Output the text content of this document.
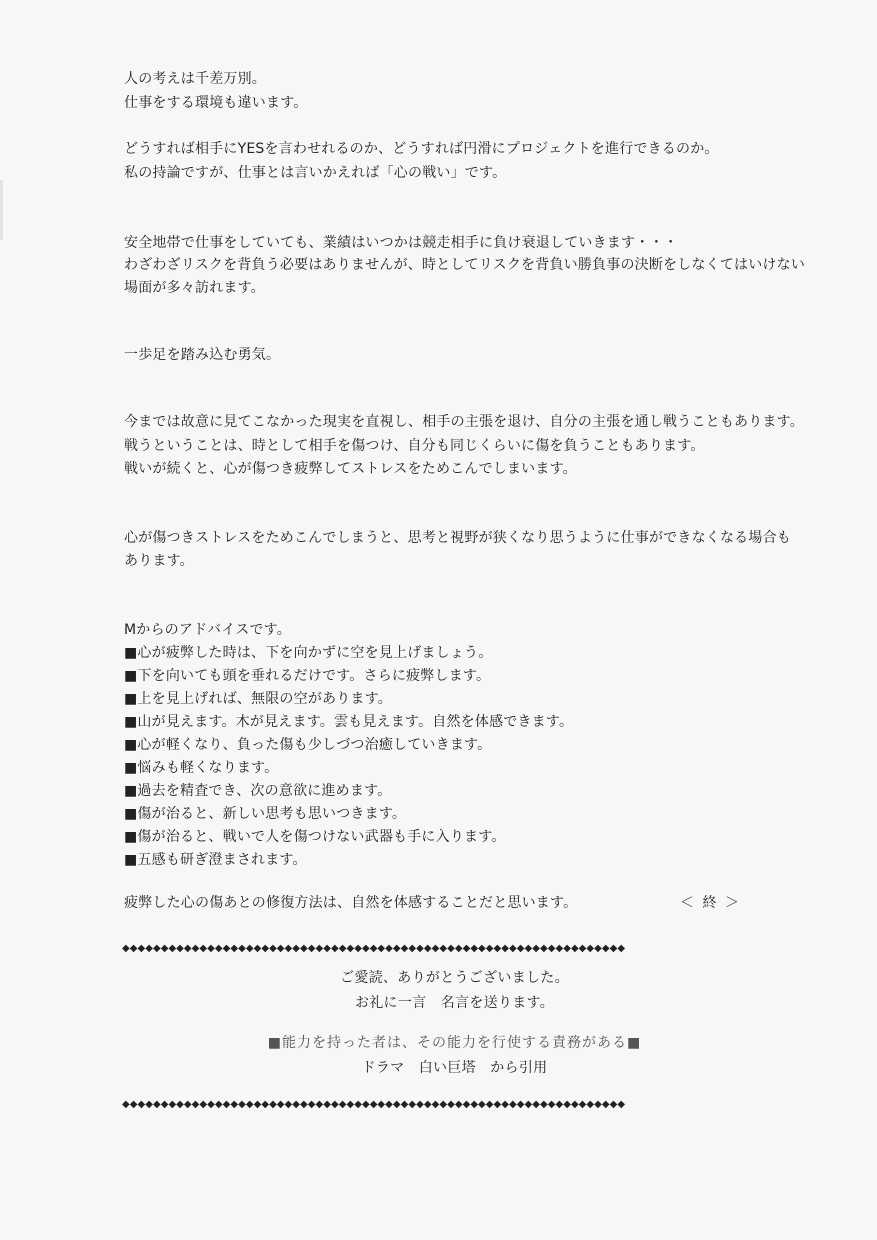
人の考えは千差万別。
仕事をする環境も違います。
どうすれば相手にYESを言わせれるのか、どうすれば円滑にプロジェクトを進行できるのか。
私の持論ですが、仕事とは言いかえれば「心の戦い」です。
安全地帯で仕事をしていても、業績はいつかは競走相手に負け衰退していきます・・・
わざわざリスクを背負う必要はありませんが、時としてリスクを背負い勝負事の決断をしなくてはいけない
場面が多々訪れます。
一歩足を踏み込む勇気。
今までは故意に見てこなかった現実を直視し、相手の主張を退け、自分の主張を通し戦うこともあります。
戦うということは、時として相手を傷つけ、自分も同じくらいに傷を負うこともあります。
戦いが続くと、心が傷つき疲弊してストレスをためこんでしまいます。
心が傷つきストレスをためこんでしまうと、思考と視野が狭くなり思うように仕事ができなくなる場合も
あります。
Mからのアドバイスです。
■心が疲弊した時は、下を向かずに空を見上げましょう。
■下を向いても頭を垂れるだけです。さらに疲弊します。
■上を見上げれば、無限の空があります。
■山が見えます。木が見えます。雲も見えます。自然を体感できます。
■心が軽くなり、負った傷も少しづつ治癒していきます。
■悩みも軽くなります。
■過去を精査でき、次の意欲に進めます。
■傷が治ると、新しい思考も思いつきます。
■傷が治ると、戦いで人を傷つけない武器も手に入ります。
■五感も研ぎ澄まされます。
疲弊した心の傷あとの修復方法は、自然を体感することだと思います。	＜ 終 ＞
◆◆◆◆◆◆◆◆◆◆◆◆◆◆◆◆◆◆◆◆◆◆◆◆◆◆◆◆◆◆◆◆◆◆◆◆◆◆◆◆◆◆◆◆◆◆◆◆◆◆◆◆◆◆◆◆◆◆◆◆◆◆◆◆◆
ご愛読、ありがとうございました。
お礼に一言　名言を送ります。
■能力を持った者は、その能力を行使する責務がある■
ドラマ　白い巨塔　から引用
◆◆◆◆◆◆◆◆◆◆◆◆◆◆◆◆◆◆◆◆◆◆◆◆◆◆◆◆◆◆◆◆◆◆◆◆◆◆◆◆◆◆◆◆◆◆◆◆◆◆◆◆◆◆◆◆◆◆◆◆◆◆◆◆◆
